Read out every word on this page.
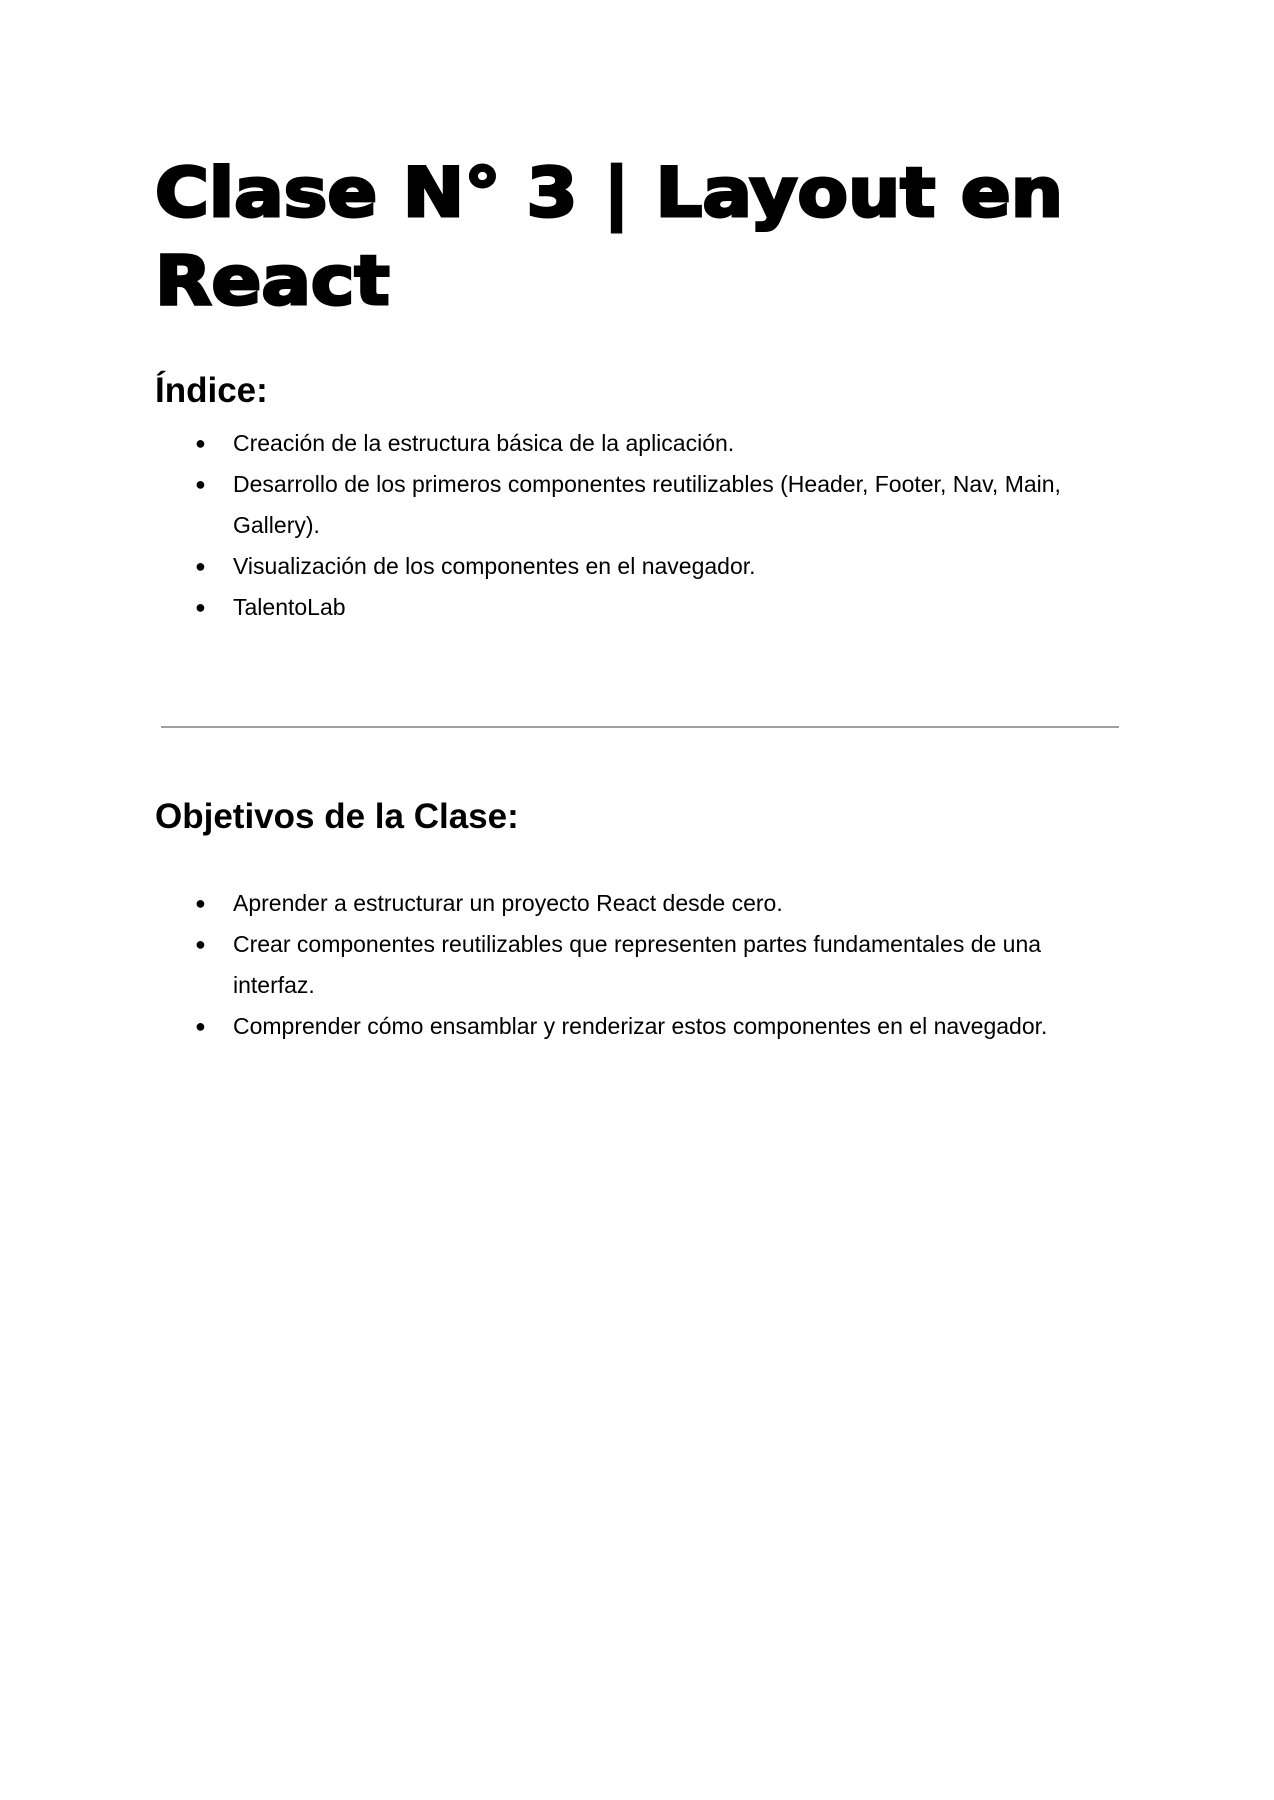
Clase N° 3 | Layout en React
Índice:
●	Creación de la estructura básica de la aplicación.
●	Desarrollo de los primeros componentes reutilizables (Header, Footer, Nav, Main, Gallery).
●	Visualización de los componentes en el navegador.
●	TalentoLab
Objetivos de la Clase:
●	Aprender a estructurar un proyecto React desde cero.
●	Crear componentes reutilizables que representen partes fundamentales de una interfaz.
●	Comprender cómo ensamblar y renderizar estos componentes en el navegador.
